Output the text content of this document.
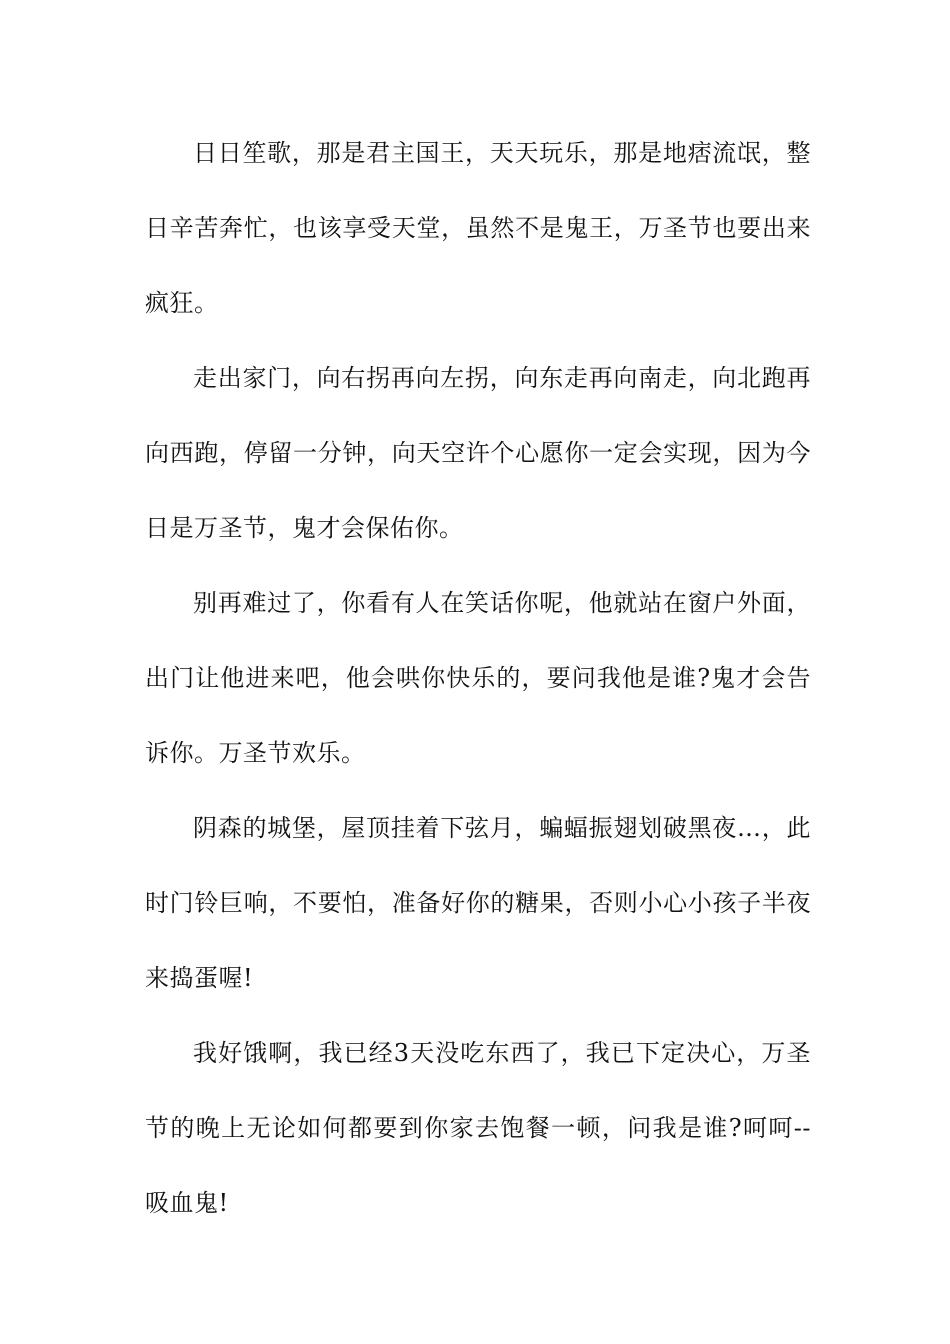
日日笙歌，那是君主国王，天天玩乐，那是地痞流氓，整日辛苦奔忙，也该享受天堂，虽然不是鬼王，万圣节也要出来疯狂。

走出家门，向右拐再向左拐，向东走再向南走，向北跑再向西跑，停留一分钟，向天空许个心愿你一定会实现，因为今日是万圣节，鬼才会保佑你。

别再难过了，你看有人在笑话你呢，他就站在窗户外面，出门让他进来吧，他会哄你快乐的，要问我他是谁?鬼才会告诉你。万圣节欢乐。

阴森的城堡，屋顶挂着下弦月，蝙蝠振翅划破黑夜…，此时门铃巨响，不要怕，准备好你的糖果，否则小心小孩子半夜来捣蛋喔!

我好饿啊，我已经3天没吃东西了，我已下定决心，万圣节的晚上无论如何都要到你家去饱餐一顿，问我是谁?呵呵--吸血鬼!
